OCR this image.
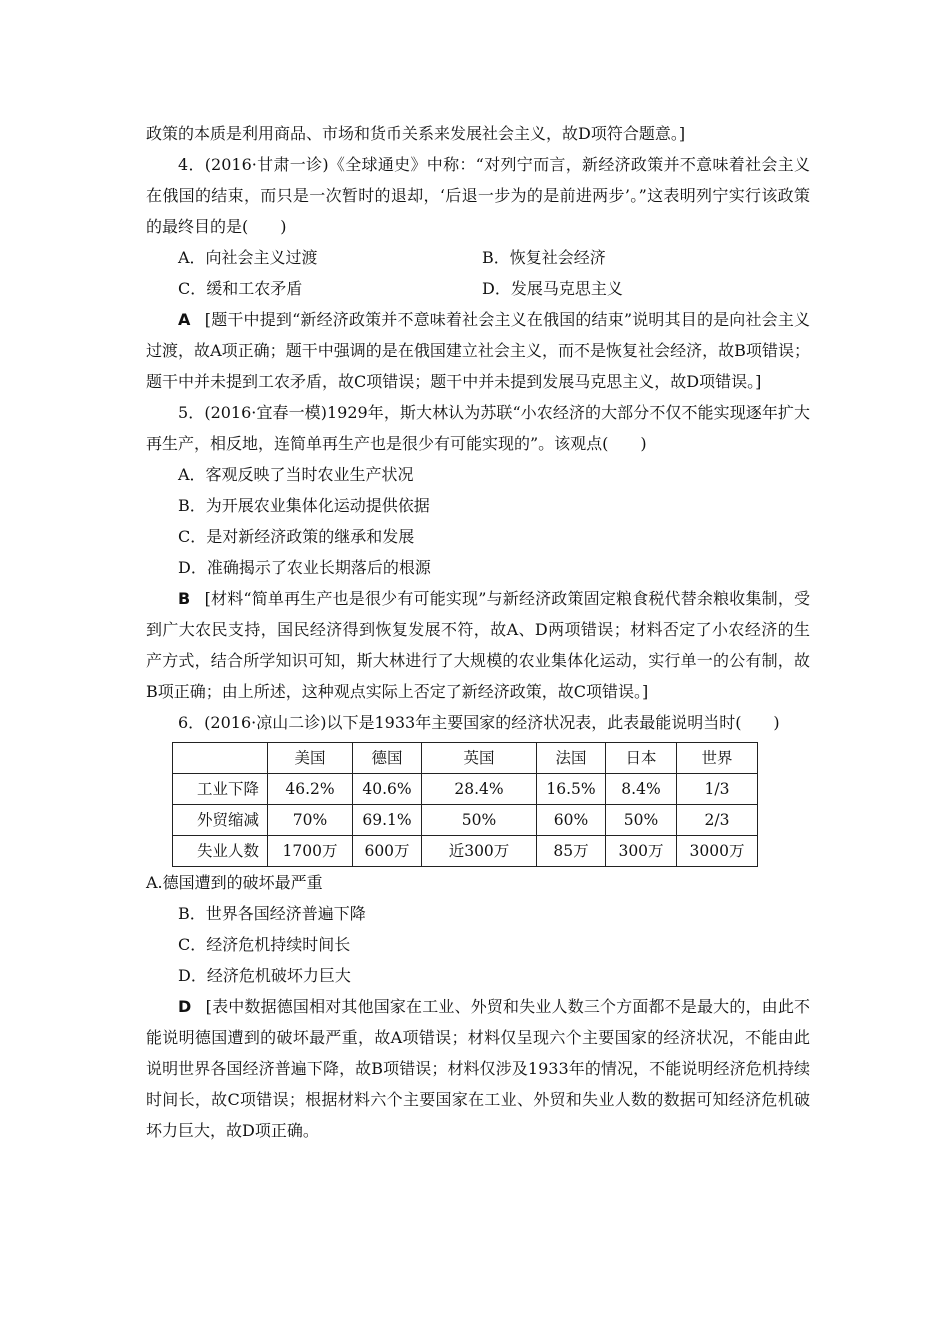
政策的本质是利用商品、市场和货币关系来发展社会主义，故D项符合题意。]

4．(2016·甘肃一诊)《全球通史》中称：“对列宁而言，新经济政策并不意味着社会主义在俄国的结束，而只是一次暂时的退却，‘后退一步为的是前进两步’。”这表明列宁实行该政策的最终目的是(　　)

A．向社会主义过渡	B．恢复社会经济
C．缓和工农矛盾	D．发展马克思主义

A [题干中提到“新经济政策并不意味着社会主义在俄国的结束”说明其目的是向社会主义过渡，故A项正确；题干中强调的是在俄国建立社会主义，而不是恢复社会经济，故B项错误；题干中并未提到工农矛盾，故C项错误；题干中并未提到发展马克思主义，故D项错误。]

5．(2016·宜春一模)1929年，斯大林认为苏联“小农经济的大部分不仅不能实现逐年扩大再生产，相反地，连简单再生产也是很少有可能实现的”。该观点(　　)

A．客观反映了当时农业生产状况

B．为开展农业集体化运动提供依据

C．是对新经济政策的继承和发展

D．准确揭示了农业长期落后的根源

B [材料“简单再生产也是很少有可能实现”与新经济政策固定粮食税代替余粮收集制，受到广大农民支持，国民经济得到恢复发展不符，故A、D两项错误；材料否定了小农经济的生产方式，结合所学知识可知，斯大林进行了大规模的农业集体化运动，实行单一的公有制，故B项正确；由上所述，这种观点实际上否定了新经济政策，故C项错误。]

6．(2016·凉山二诊)以下是1933年主要国家的经济状况表，此表最能说明当时(　　)

	美国	德国	英国	法国	日本	世界
工业下降	46.2%	40.6%	28.4%	16.5%	8.4%	1/3
外贸缩减	70%	69.1%	50%	60%	50%	2/3
失业人数	1700万	600万	近300万	85万	300万	3000万

A.德国遭到的破坏最严重

B．世界各国经济普遍下降

C．经济危机持续时间长

D．经济危机破坏力巨大

D [表中数据德国相对其他国家在工业、外贸和失业人数三个方面都不是最大的，由此不能说明德国遭到的破坏最严重，故A项错误；材料仅呈现六个主要国家的经济状况，不能由此说明世界各国经济普遍下降，故B项错误；材料仅涉及1933年的情况，不能说明经济危机持续时间长，故C项错误；根据材料六个主要国家在工业、外贸和失业人数的数据可知经济危机破坏力巨大，故D项正确。
